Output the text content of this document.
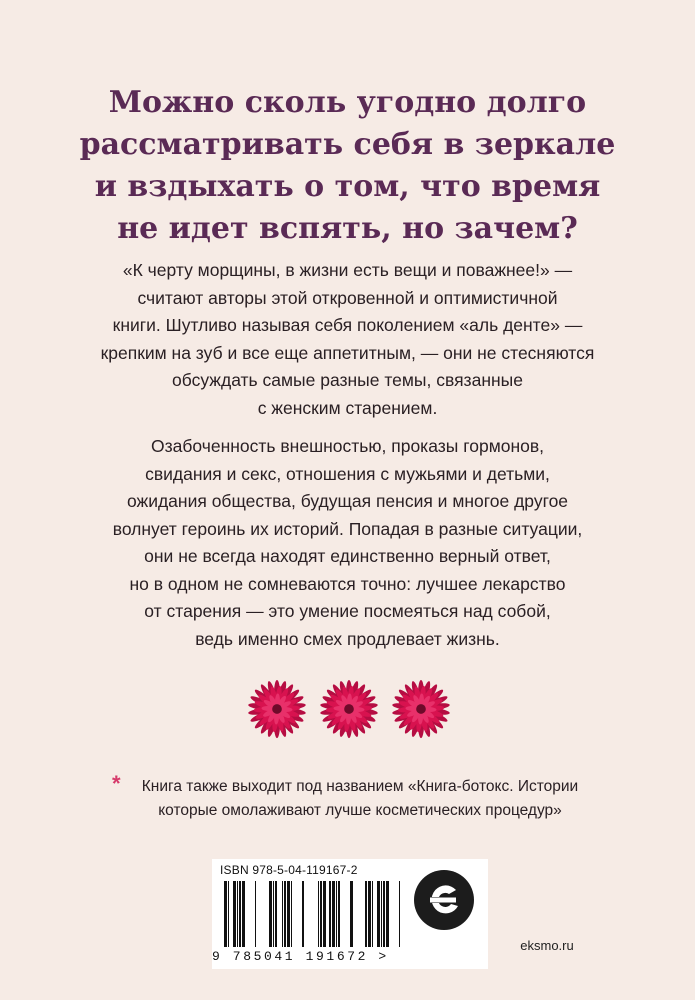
Можно сколь угодно долго
рассматривать себя в зеркале
и вздыхать о том, что время
не идет вспять, но зачем?

«К черту морщины, в жизни есть вещи и поважнее!» —
считают авторы этой откровенной и оптимистичной
книги. Шутливо называя себя поколением «аль денте» —
крепким на зуб и все еще аппетитным, — они не стесняются
обсуждать самые разные темы, связанные
с женским старением.

Озабоченность внешностью, проказы гормонов,
свидания и секс, отношения с мужьями и детьми,
ожидания общества, будущая пенсия и многое другое
волнует героинь их историй. Попадая в разные ситуации,
они не всегда находят единственно верный ответ,
но в одном не сомневаются точно: лучшее лекарство
от старения — это умение посмеяться над собой,
ведь именно смех продлевает жизнь.

*	Книга также выходит под названием «Книга-ботокс. Истории
которые омолаживают лучше косметических процедур»
ISBN 978-5-04-119167-2
9 785041 191672 >
eksmo.ru
